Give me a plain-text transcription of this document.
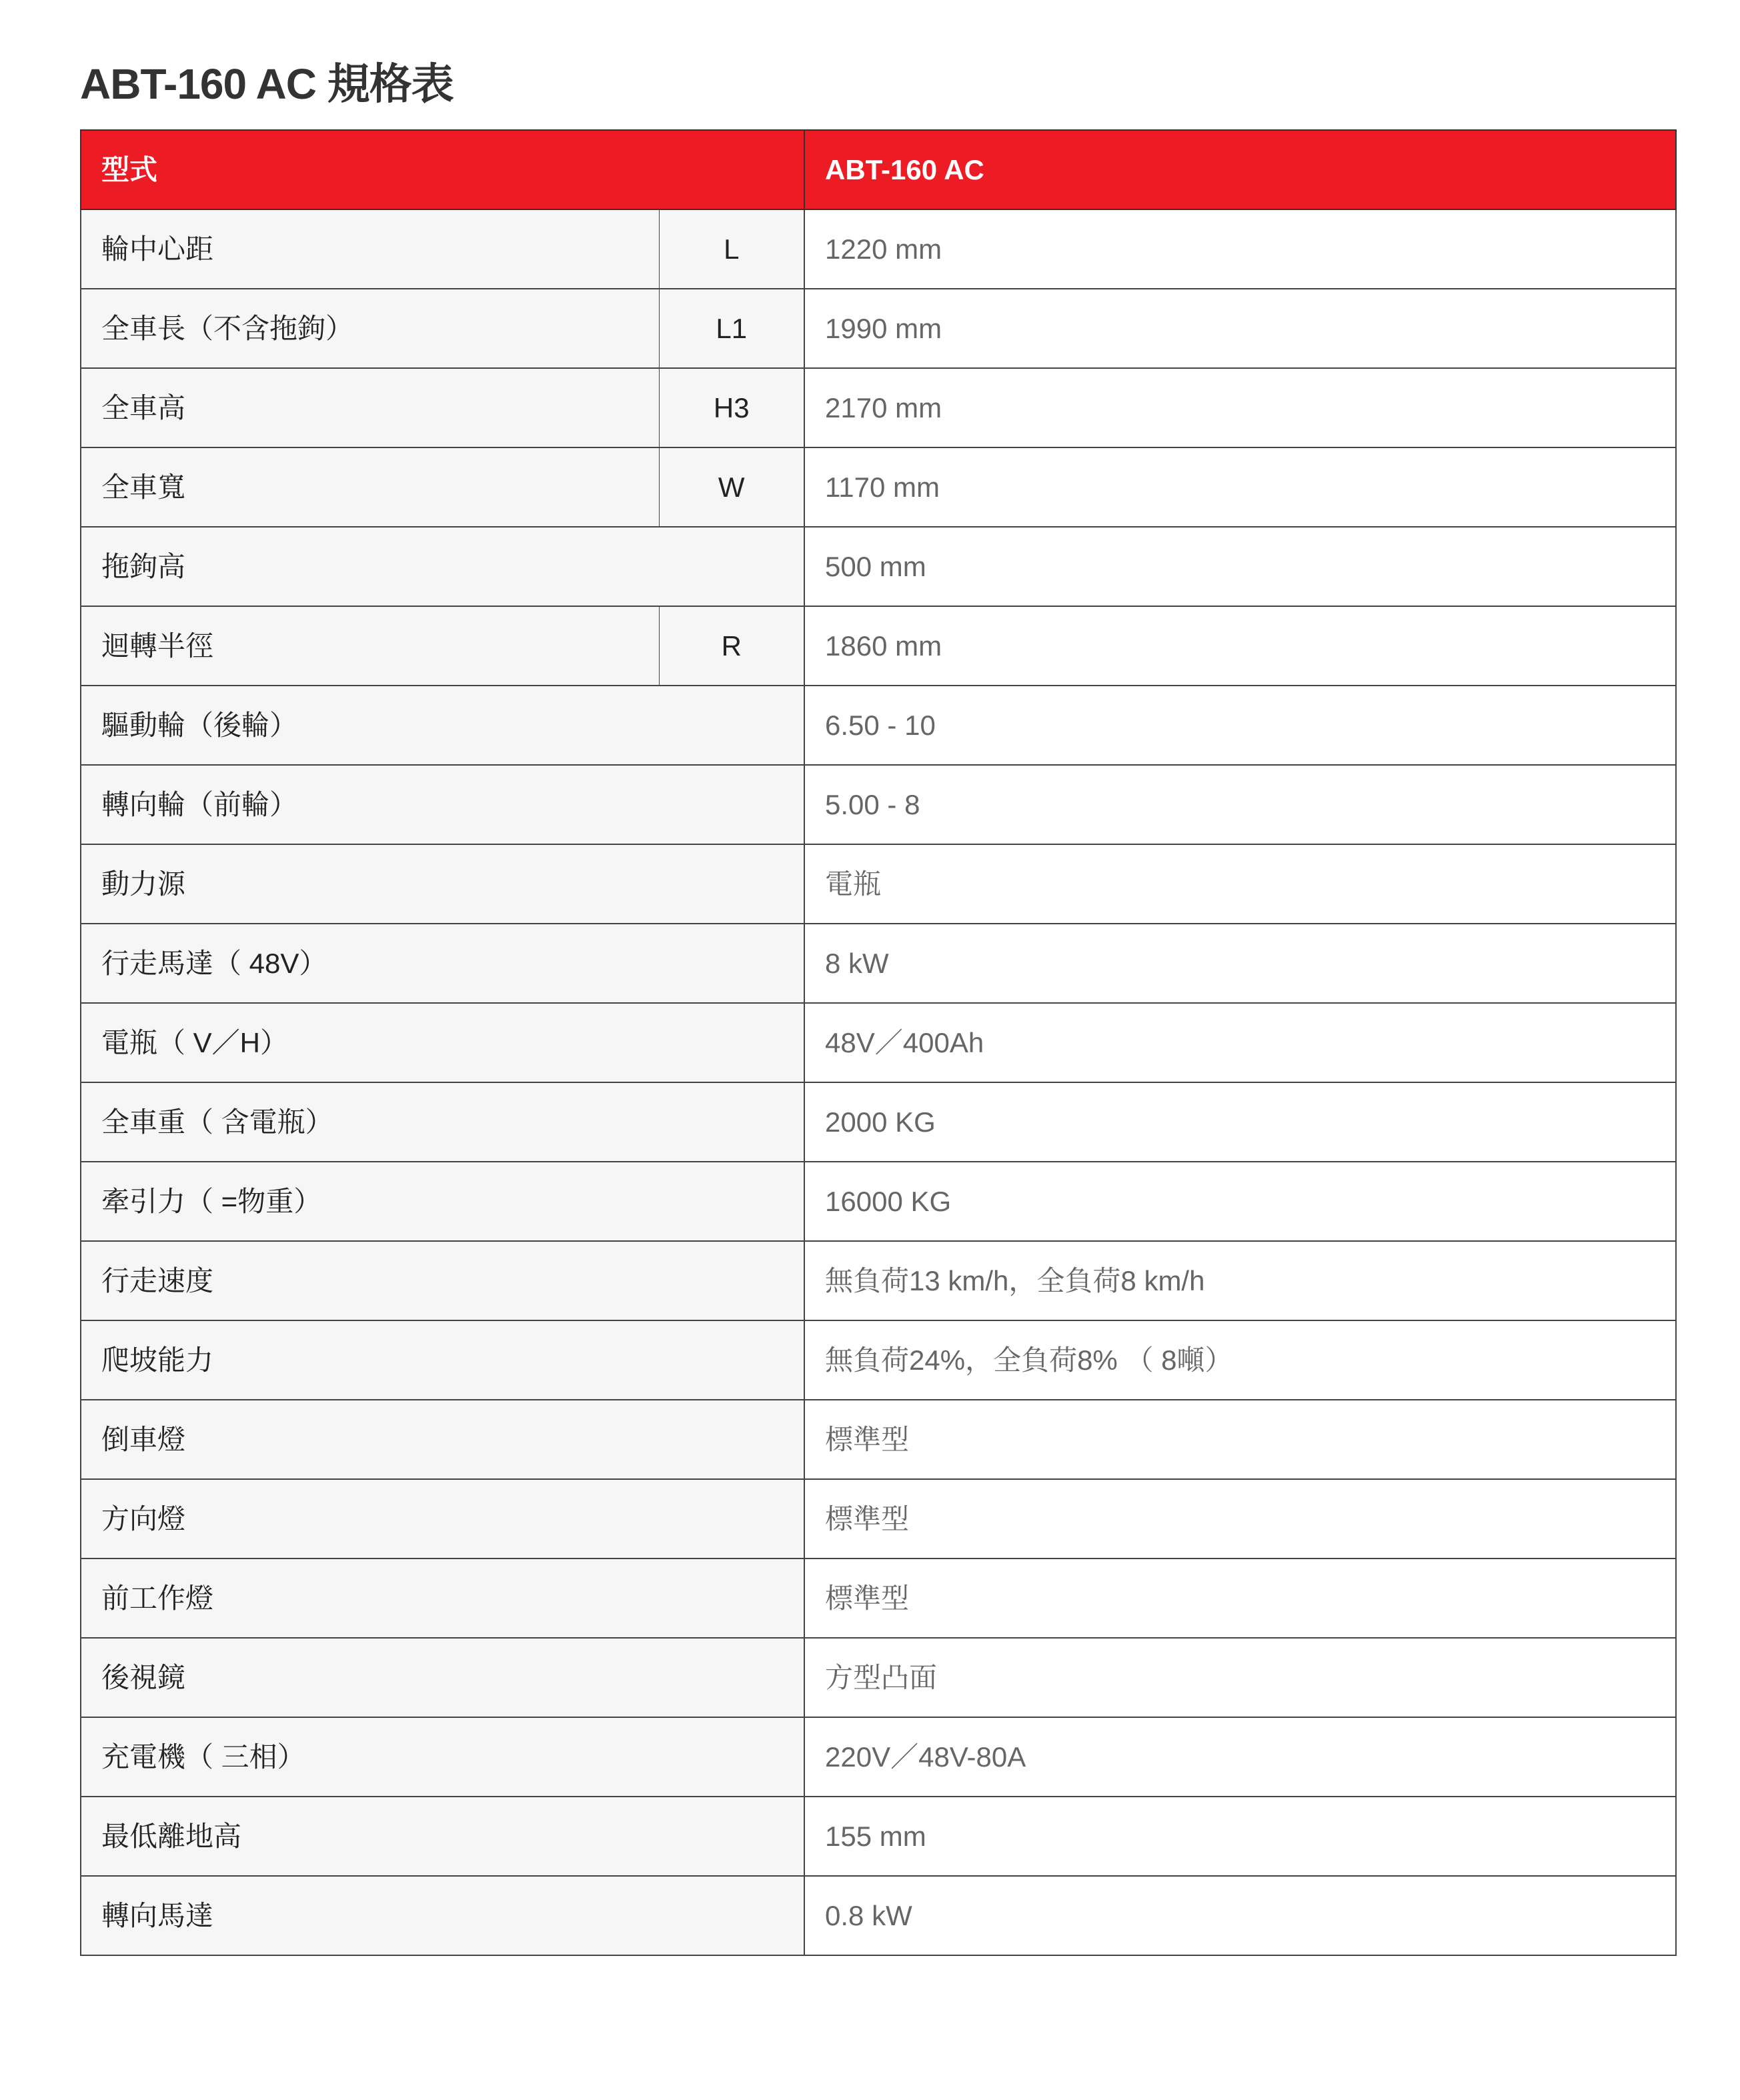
ABT-160 AC 規格表
型式		ABT-160 AC
輪中心距	L	1220 mm
全車長（不含拖鉤）	L1	1990 mm
全車高	H3	2170 mm
全車寬	W	1170 mm
拖鉤高		500 mm
迴轉半徑	R	1860 mm
驅動輪（後輪）		6.50 - 10
轉向輪（前輪）		5.00 - 8
動力源		電瓶
行走馬達（ 48V）		8 kW
電瓶（ V／H）		48V／400Ah
全車重（ 含電瓶）		2000 KG
牽引力（ =物重）		16000 KG
行走速度		無負荷13 km/h，全負荷8 km/h
爬坡能力		無負荷24%，全負荷8% （ 8噸）
倒車燈		標準型
方向燈		標準型
前工作燈		標準型
後視鏡		方型凸面
充電機（ 三相）		220V／48V-80A
最低離地高		155 mm
轉向馬達		0.8 kW
